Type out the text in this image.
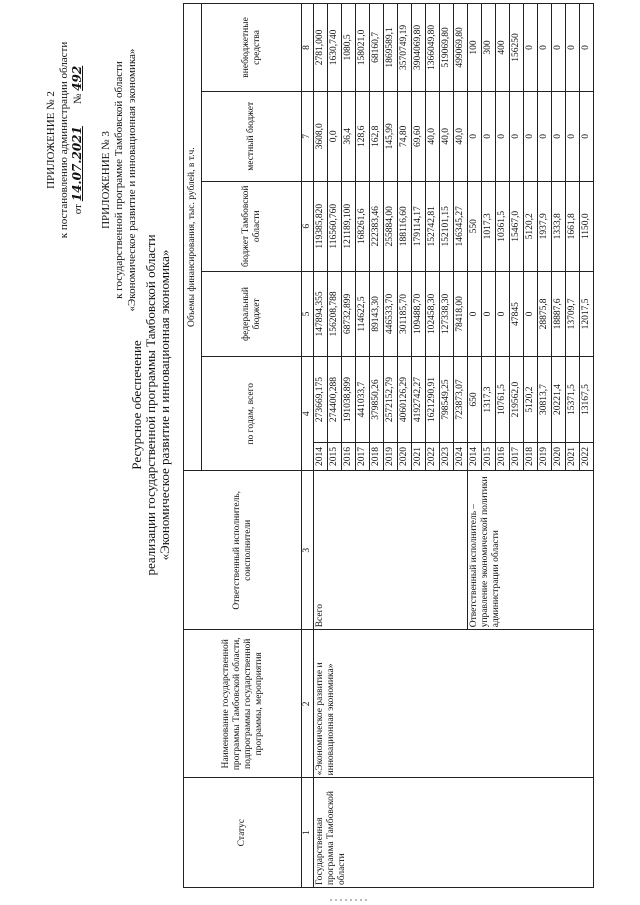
ПРИЛОЖЕНИЕ № 2 к постановлению администрации области от 14.07.2021        № 492
ПРИЛОЖЕНИЕ № 3 к государственной программе Тамбовской области «Экономическое развитие и инновационная экономика»
Ресурсное обеспечение реализации государственной программы Тамбовской области «Экономическое развитие и инновационная экономика»
Статус	Наименование государственной программы Тамбовской области, подпрограммы государственной программы, мероприятия	Ответственный исполнитель, соисполнители	Объемы финансирования, тыс. рублей, в т.ч.					
			по годам, всего		федеральный бюджет	бюджет Тамбовской области	местный бюджет	внебюджетные средства
1	2	3	4		5	6	7	8
Государственная программа Тамбовской области	«Экономическое развитие и инновационная экономика»	Всего	2014	273669,175	147894,355	119385,820	3608,0	2781,000
			2015	274400,288	156208,788	116560,760	0,0	1630,740
			2016	191038,899	68732,899	121189,100	36,4	1080,5
			2017	441033,7	114622,5	168261,6	128,6	158021,0
			2018	379850,26	89143,30	222383,46	162,8	68160,7
			2019	2572152,79	446533,70	255884,00	145,99	1869589,1
			2020	4060126,29	301185,70	188116,60	74,80	3570749,19
			2021	4192742,27	109488,70	179114,17	69,60	3904069,80
			2022	1621290,91	102458,30	152742,81	40,0	1366049,80
			2023	798549,25	127338,30	152101,15	40,0	519069,80
			2024	723873,07	78418,00	146345,27	40,0	499069,80
		Ответственный исполнитель – управление экономической политики администрации области	2014	650	0	550	0	100
			2015	1317,3	0	1017,3	0	300
			2016	10761,5	0	10361,5	0	400
			2017	219562,0	47845	15467,0	0	156250
			2018	5120,2	0	5120,2	0	0
			2019	30813,7	28875,8	1937,9	0	0
			2020	20221,4	18887,6	1333,8	0	0
			2021	15371,5	13709,7	1661,8	0	0
			2022	13167,5	12017,5	1150,0	0	0
